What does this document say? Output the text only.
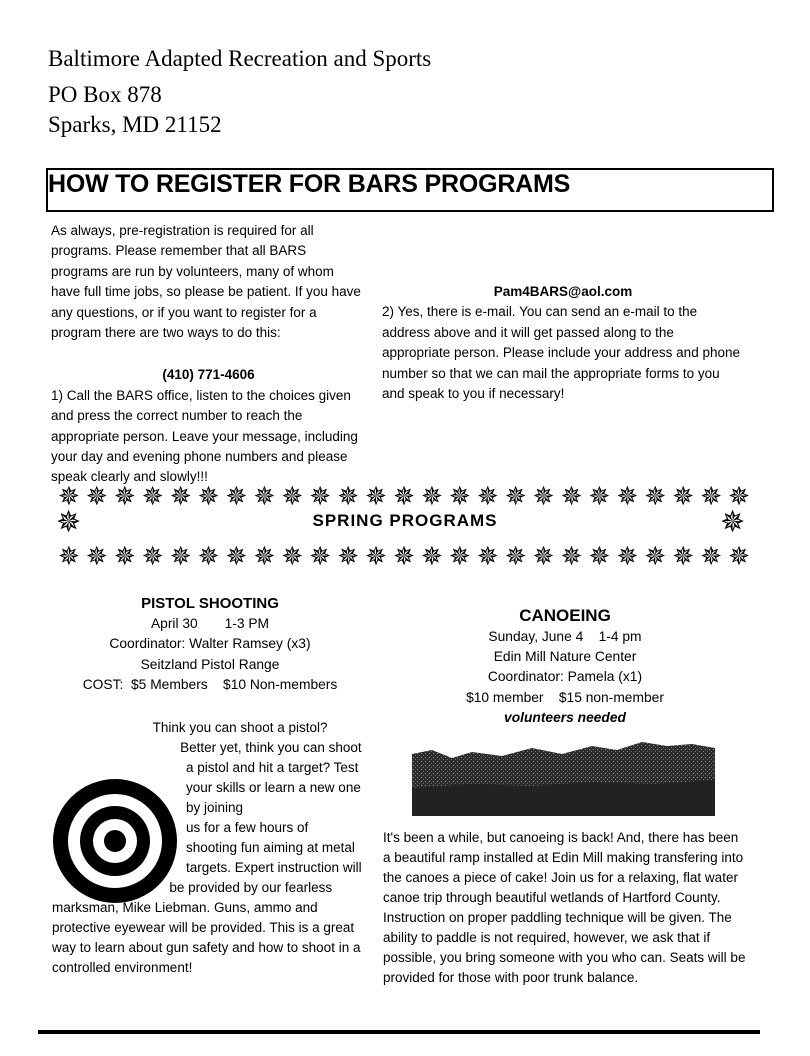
Baltimore Adapted Recreation and Sports
PO Box 878
Sparks, MD 21152
HOW TO REGISTER FOR BARS PROGRAMS

As always, pre-registration is required for all programs. Please remember that all BARS programs are run by volunteers, many of whom have full time jobs, so please be patient. If you have any questions, or if you want to register for a program there are two ways to do this:

(410) 771-4606

1) Call the BARS office, listen to the choices given and press the correct number to reach the appropriate person. Leave your message, including your day and evening phone numbers and please speak clearly and slowly!!!

Pam4BARS@aol.com

2) Yes, there is e-mail. You can send an e-mail to the address above and it will get passed along to the appropriate person. Please include your address and phone number so that we can mail the appropriate forms to you and speak to you if necessary!

✵ ✵ ✵ ✵ ✵ ✵ ✵ ✵ ✵ ✵ ✵ ✵ ✵ ✵ ✵ ✵ ✵ ✵ ✵ ✵ ✵ ✵ ✵ ✵ ✵
✵	SPRING PROGRAMS	✵
✵ ✵ ✵ ✵ ✵ ✵ ✵ ✵ ✵ ✵ ✵ ✵ ✵ ✵ ✵ ✵ ✵ ✵ ✵ ✵ ✵ ✵ ✵ ✵ ✵
PISTOL SHOOTING
April 30       1-3 PM
Coordinator: Walter Ramsey (x3)
Seitzland Pistol Range
COST:  $5 Members    $10 Non-members
CANOEING
Sunday, June 4    1-4 pm
Edin Mill Nature Center
Coordinator: Pamela (x1)
$10 member    $15 non-member
volunteers needed
Think you can shoot a pistol? Better yet, think you can shoot a pistol and hit a target? Test your skills or learn a new one by joining
us for a few hours of shooting fun aiming at metal targets. Expert instruction will be provided by our fearless marksman, Mike Liebman. Guns, ammo and protective eyewear will be provided. This is a great way to learn about gun safety and how to shoot in a controlled environment!
It's been a while, but canoeing is back! And, there has been a beautiful ramp installed at Edin Mill making transfering into the canoes a piece of cake! Join us for a relaxing, flat water canoe trip through beautiful wetlands of Hartford County. Instruction on proper paddling technique will be given. The ability to paddle is not required, however, we ask that if possible, you bring someone with you who can. Seats will be provided for those with poor trunk balance.
